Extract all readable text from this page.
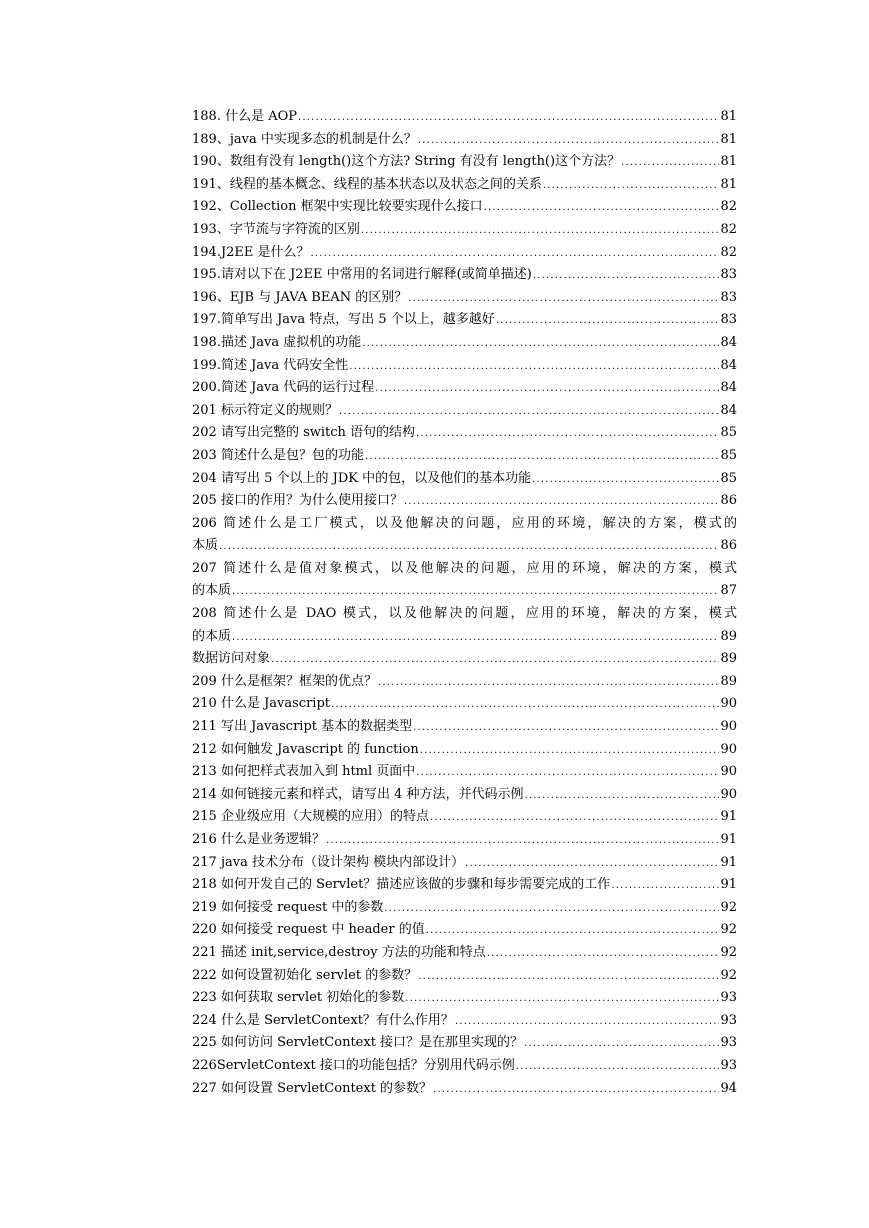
188. 什么是 AOP .....	81
189、java 中实现多态的机制是什么？ .....	81
190、数组有没有 length()这个方法? String 有没有 length()这个方法？ .....	81
191、线程的基本概念、线程的基本状态以及状态之间的关系 .....	81
192、Collection 框架中实现比较要实现什么接口 .....	82
193、字节流与字符流的区别 .....	82
194.J2EE 是什么？ .....	82
195.请对以下在 J2EE 中常用的名词进行解释(或简单描述) .....	83
196、EJB 与 JAVA BEAN 的区别？ .....	83
197.简单写出 Java 特点，写出 5 个以上，越多越好 .....	83
198.描述 Java 虚拟机的功能 .....	84
199.简述 Java 代码安全性 .....	84
200.简述 Java 代码的运行过程 .....	84
201 标示符定义的规则？ .....	84
202 请写出完整的 switch 语句的结构 .....	85
203 简述什么是包？包的功能 .....	85
204 请写出 5 个以上的 JDK 中的包，以及他们的基本功能 .....	85
205 接口的作用？为什么使用接口？ .....	86
206 简述什么是工厂模式，以及他解决的问题，应用的环境，解决的方案，模式的
本质 .....	86
207 简述什么是值对象模式，以及他解决的问题，应用的环境，解决的方案，模式
的本质 .....	87
208 简述什么是 DAO 模式，以及他解决的问题，应用的环境，解决的方案，模式
的本质 .....	89
数据访问对象 .....	89
209 什么是框架？框架的优点？ .....	89
210 什么是 Javascript .....	90
211 写出 Javascript 基本的数据类型 .....	90
212 如何触发 Javascript 的 function .....	90
213 如何把样式表加入到 html 页面中 .....	90
214 如何链接元素和样式，请写出 4 种方法，并代码示例 .....	90
215 企业级应用（大规模的应用）的特点 .....	91
216 什么是业务逻辑？ .....	91
217 java 技术分布（设计架构 模块内部设计） .....	91
218 如何开发自己的 Servlet？描述应该做的步骤和每步需要完成的工作 .....	91
219 如何接受 request 中的参数 .....	92
220 如何接受 request 中 header 的值 .....	92
221 描述 init,service,destroy 方法的功能和特点 .....	92
222 如何设置初始化 servlet 的参数？ .....	92
223 如何获取 servlet 初始化的参数 .....	93
224 什么是 ServletContext？有什么作用？ .....	93
225 如何访问 ServletContext 接口？是在那里实现的？ .....	93
226ServletContext 接口的功能包括？分别用代码示例 .....	93
227 如何设置 ServletContext 的参数？ .....	94
